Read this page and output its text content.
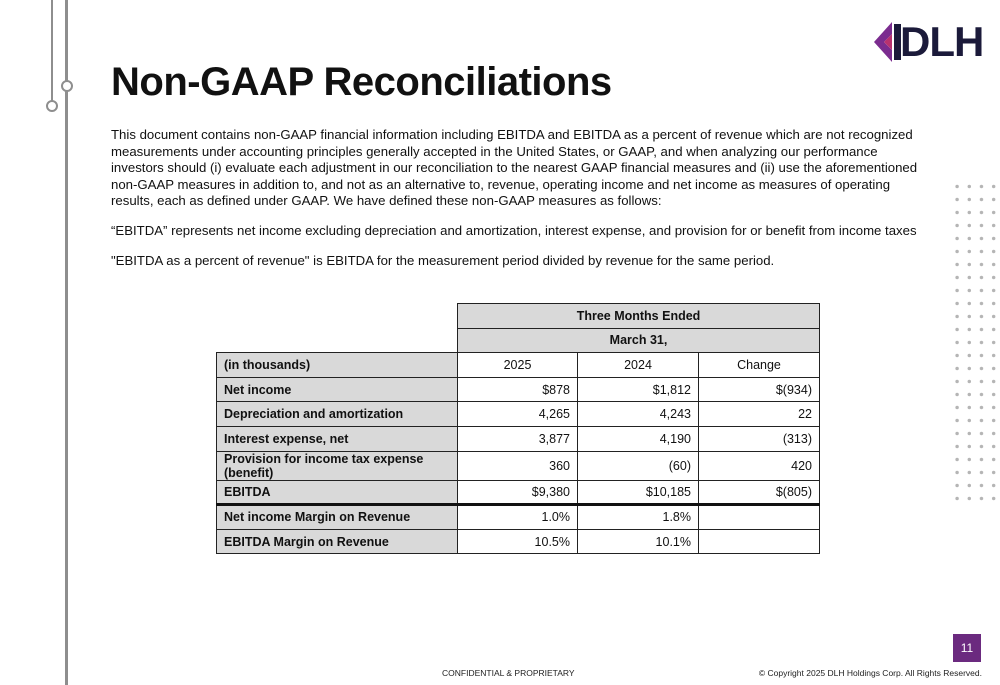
DLH
Non-GAAP Reconciliations

This document contains non-GAAP financial information including EBITDA and EBITDA as a percent of revenue which are not recognized measurements under accounting principles generally accepted in the United States, or GAAP, and when analyzing our performance investors should (i) evaluate each adjustment in our reconciliation to the nearest GAAP financial measures and (ii) use the aforementioned non-GAAP measures in addition to, and not as an alternative to, revenue, operating income and net income as measures of operating results, each as defined under GAAP. We have defined these non-GAAP measures as follows:

“EBITDA” represents net income excluding depreciation and amortization, interest expense, and provision for or benefit from income taxes

"EBITDA as a percent of revenue" is EBITDA for the measurement period divided by revenue for the same period.

	Three Months Ended		
	March 31,		
(in thousands)	2025	2024	Change
Net income	$878	$1,812	$(934)
Depreciation and amortization	4,265	4,243	22
Interest expense, net	3,877	4,190	(313)
Provision for income tax expense (benefit)	360	(60)	420
EBITDA	$9,380	$10,185	$(805)
Net income Margin on Revenue	1.0%	1.8%	
EBITDA Margin on Revenue	10.5%	10.1%	
11
CONFIDENTIAL & PROPRIETARY	© Copyright 2025 DLH Holdings Corp. All Rights Reserved.
